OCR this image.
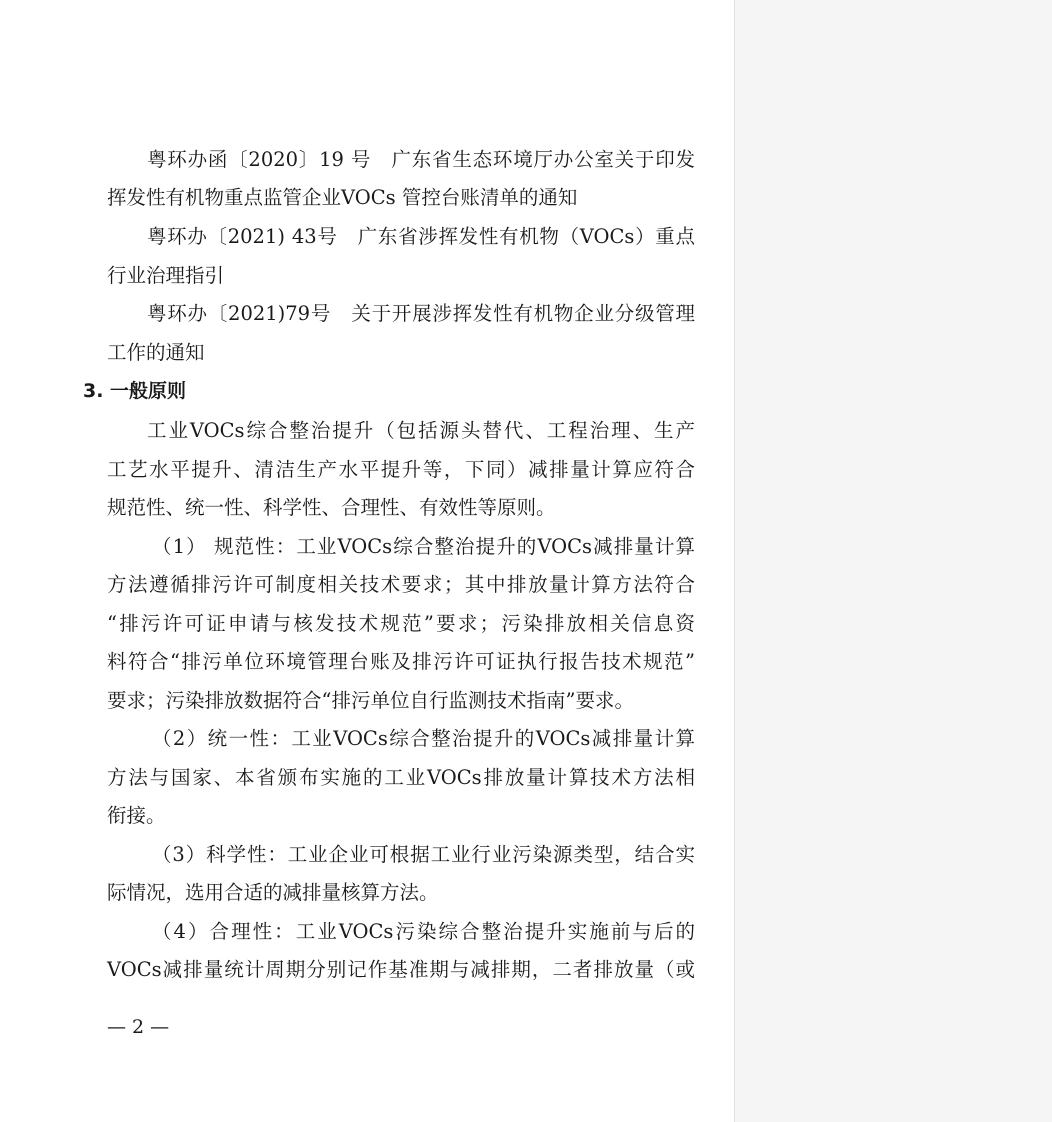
粤环办函〔2020〕19 号　广东省生态环境厅办公室关于印发
挥发性有机物重点监管企业VOCs 管控台账清单的通知
粤环办〔2021) 43号　广东省涉挥发性有机物（VOCs）重点
行业治理指引
粤环办〔2021)79号　关于开展涉挥发性有机物企业分级管理
工作的通知
3. 一般原则
工业VOCs综合整治提升（包括源头替代、工程治理、生产
工艺水平提升、清洁生产水平提升等，下同）减排量计算应符合
规范性、统一性、科学性、合理性、有效性等原则。
（1） 规范性：工业VOCs综合整治提升的VOCs减排量计算
方法遵循排污许可制度相关技术要求；其中排放量计算方法符合
“排污许可证申请与核发技术规范”要求；污染排放相关信息资
料符合“排污单位环境管理台账及排污许可证执行报告技术规范”
要求；污染排放数据符合“排污单位自行监测技术指南”要求。
（2）统一性：工业VOCs综合整治提升的VOCs减排量计算
方法与国家、本省颁布实施的工业VOCs排放量计算技术方法相
衔接。
（3）科学性：工业企业可根据工业行业污染源类型，结合实
际情况，选用合适的减排量核算方法。
（4）合理性：工业VOCs污染综合整治提升实施前与后的
VOCs减排量统计周期分别记作基准期与减排期，二者排放量（或
— 2 —
